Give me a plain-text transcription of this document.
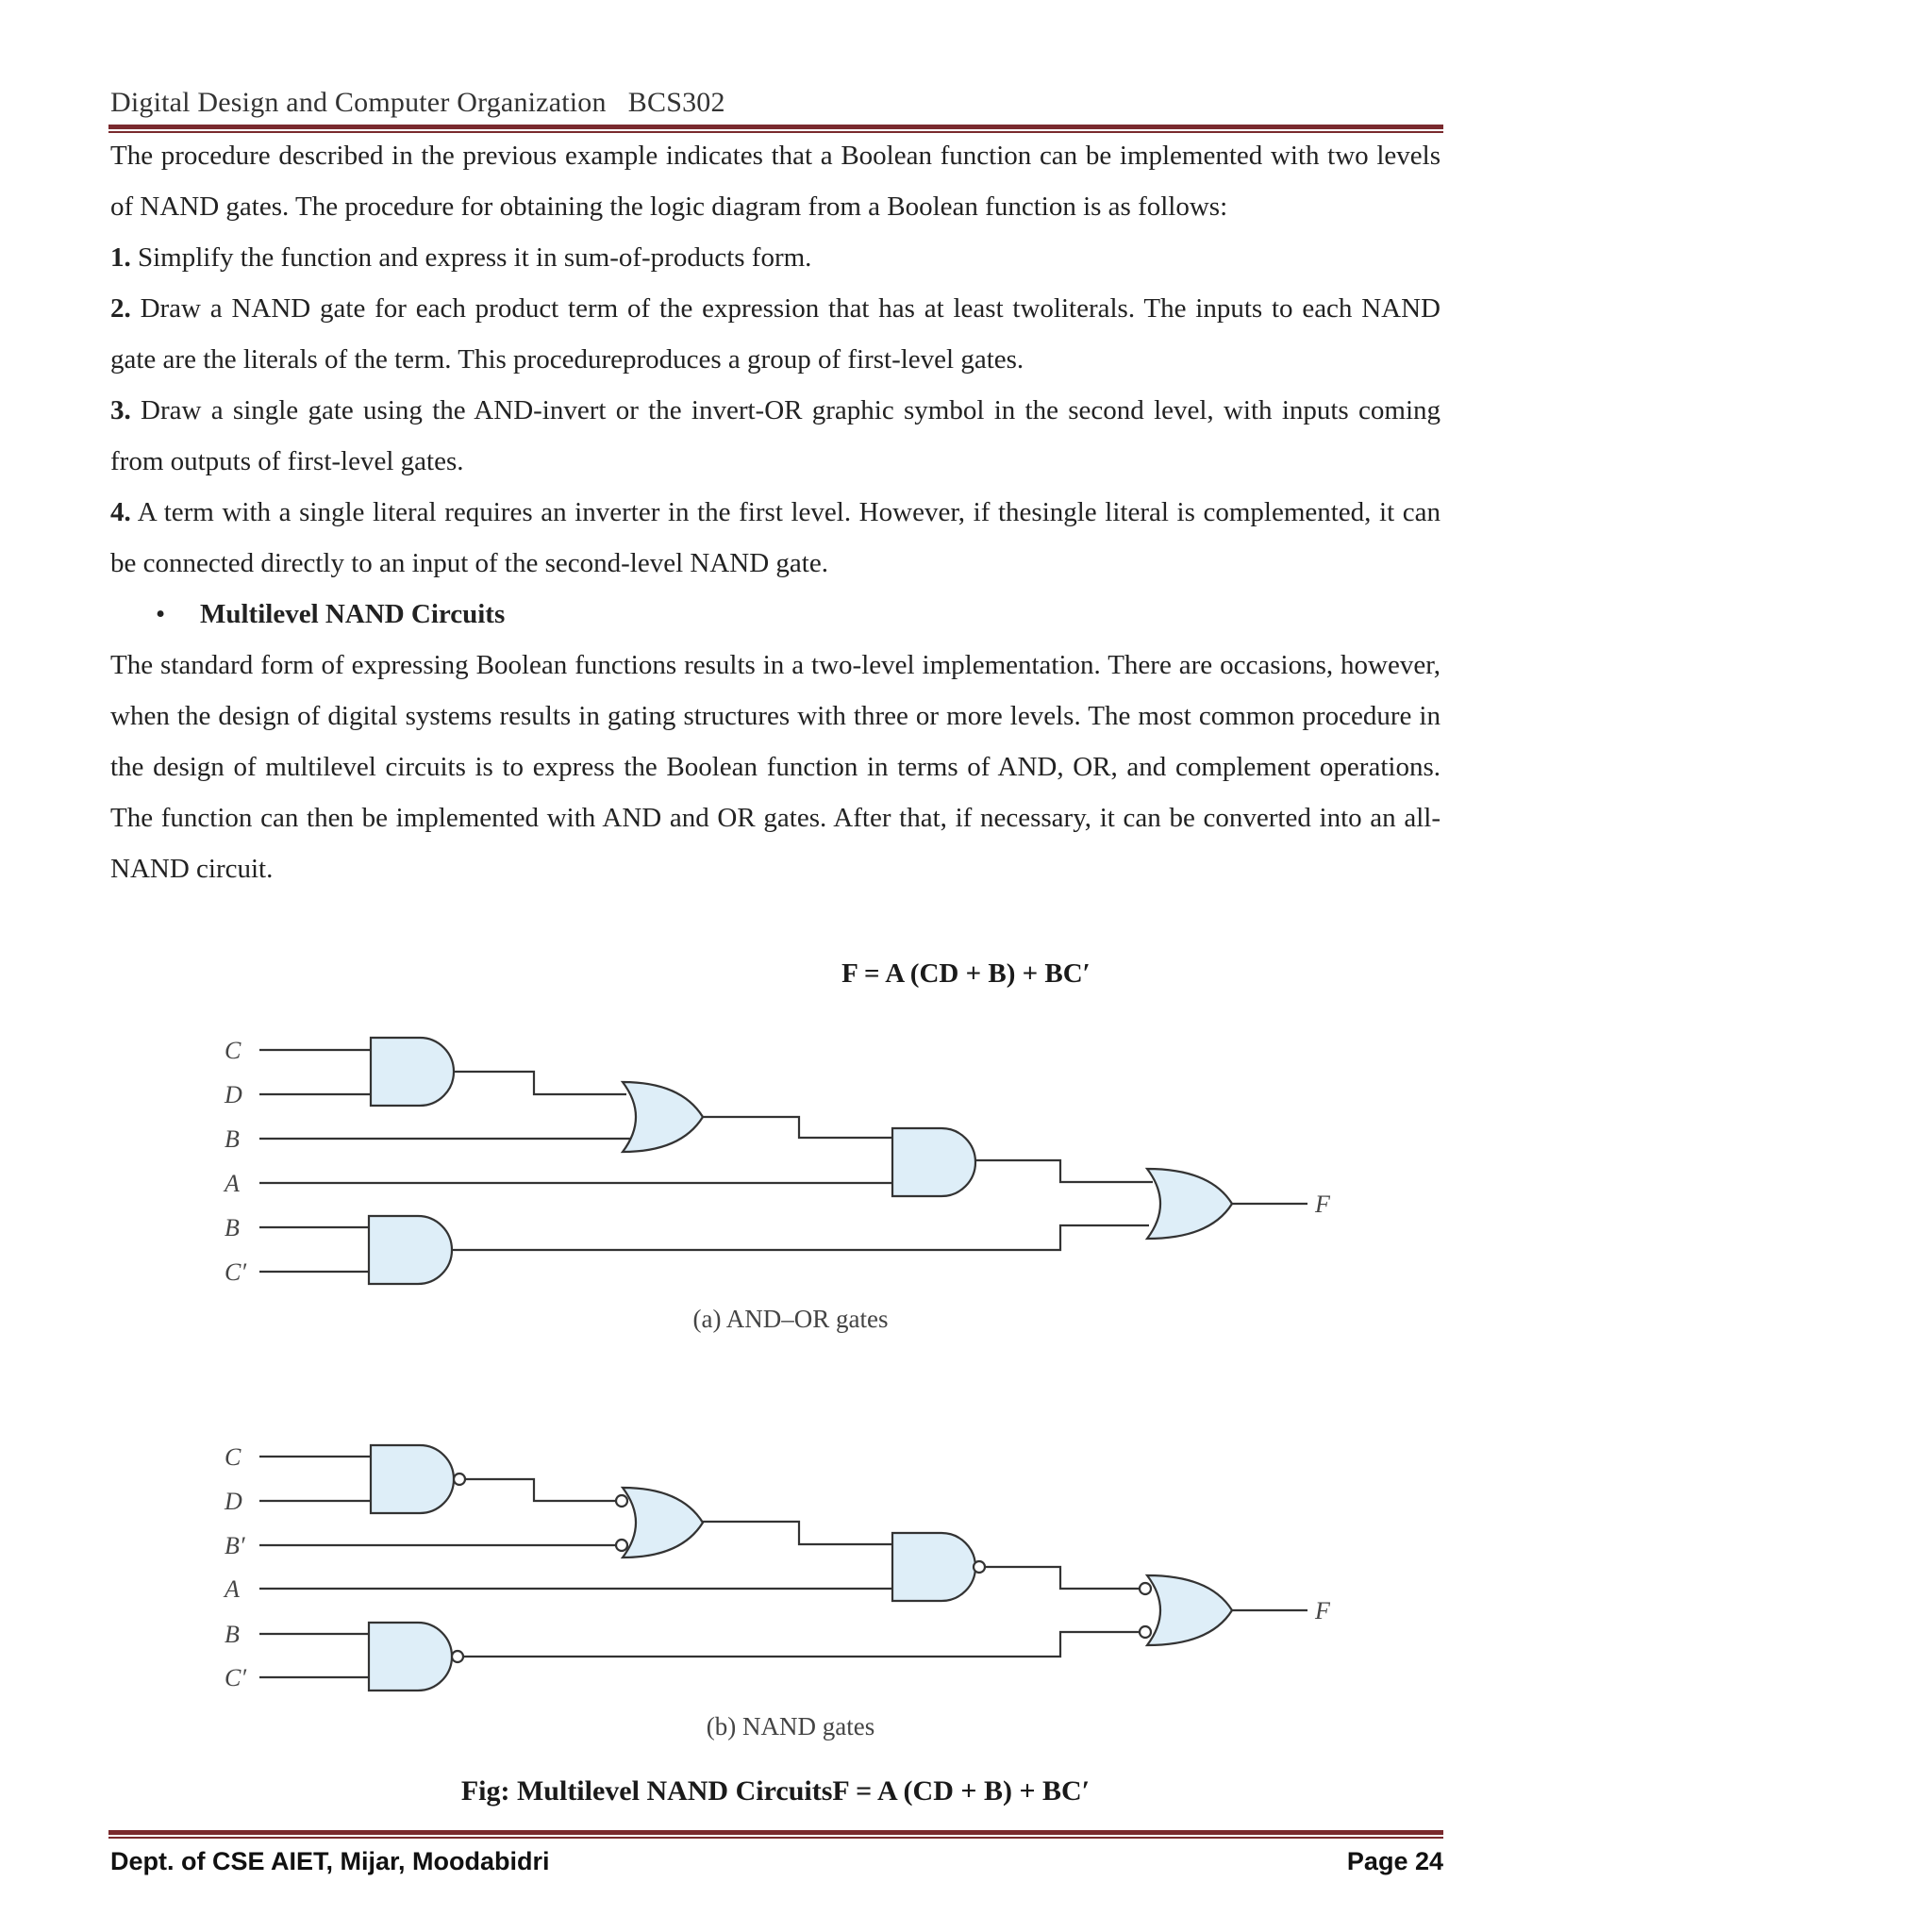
Digital Design and Computer Organization   BCS302

The procedure described in the previous example indicates that a Boolean function can be implemented with two levels of NAND gates. The procedure for obtaining the logic diagram from a Boolean function is as follows:

1. Simplify the function and express it in sum-of-products form.

2. Draw a NAND gate for each product term of the expression that has at least twoliterals. The inputs to each NAND gate are the literals of the term. This procedureproduces a group of first-level gates.

3. Draw a single gate using the AND-invert or the invert-OR graphic symbol in the second level, with inputs coming from outputs of first-level gates.

4. A term with a single literal requires an inverter in the first level. However, if thesingle literal is complemented, it can be connected directly to an input of the second-level NAND gate.

• Multilevel NAND Circuits

The standard form of expressing Boolean functions results in a two-level implementation. There are occasions, however, when the design of digital systems results in gating structures with three or more levels. The most common procedure in the design of multilevel circuits is to express the Boolean function in terms of AND, OR, and complement operations. The function can then be implemented with AND and OR gates. After that, if necessary, it can be converted into an all-NAND circuit.

F = A (CD + B) + BC′
C
D
B
A
B
C′
F
C
D
B′
A
B
C′
F
(a) AND–OR gates
(b) NAND gates
Fig: Multilevel NAND CircuitsF = A (CD + B) + BC′
Dept. of CSE AIET, Mijar, Moodabidri	Page 24
